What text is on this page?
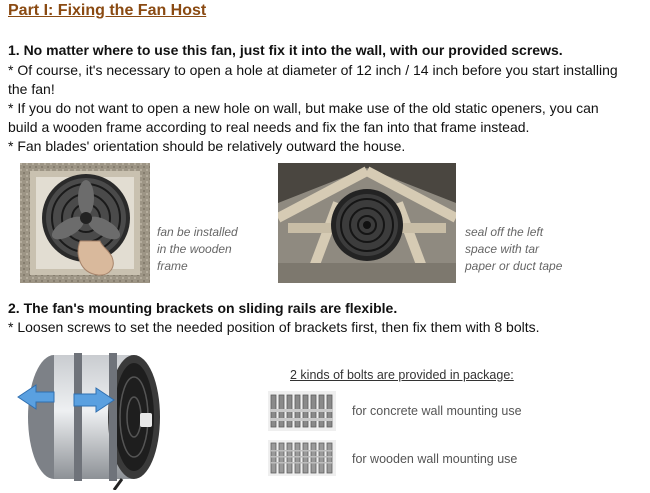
Part I: Fixing the Fan Host
1. No matter where to use this fan, just fix it into the wall, with our provided screws.
* Of course, it's necessary to open a hole at diameter of 12 inch / 14 inch before you start installing
the fan!
* If you do not want to open a new hole on wall, but make use of the old static openers, you can
build a wooden frame according to real needs and fix the fan into that frame instead.
* Fan blades' orientation should be relatively outward the house.
fan be installed
in the wooden
frame
seal off the left
space with tar
paper or duct tape
2. The fan's mounting brackets on sliding rails are flexible.
* Loosen screws to set the needed position of brackets first, then fix them with 8 bolts.
2 kinds of bolts are provided in package:
for concrete wall mounting use
for wooden wall mounting use
